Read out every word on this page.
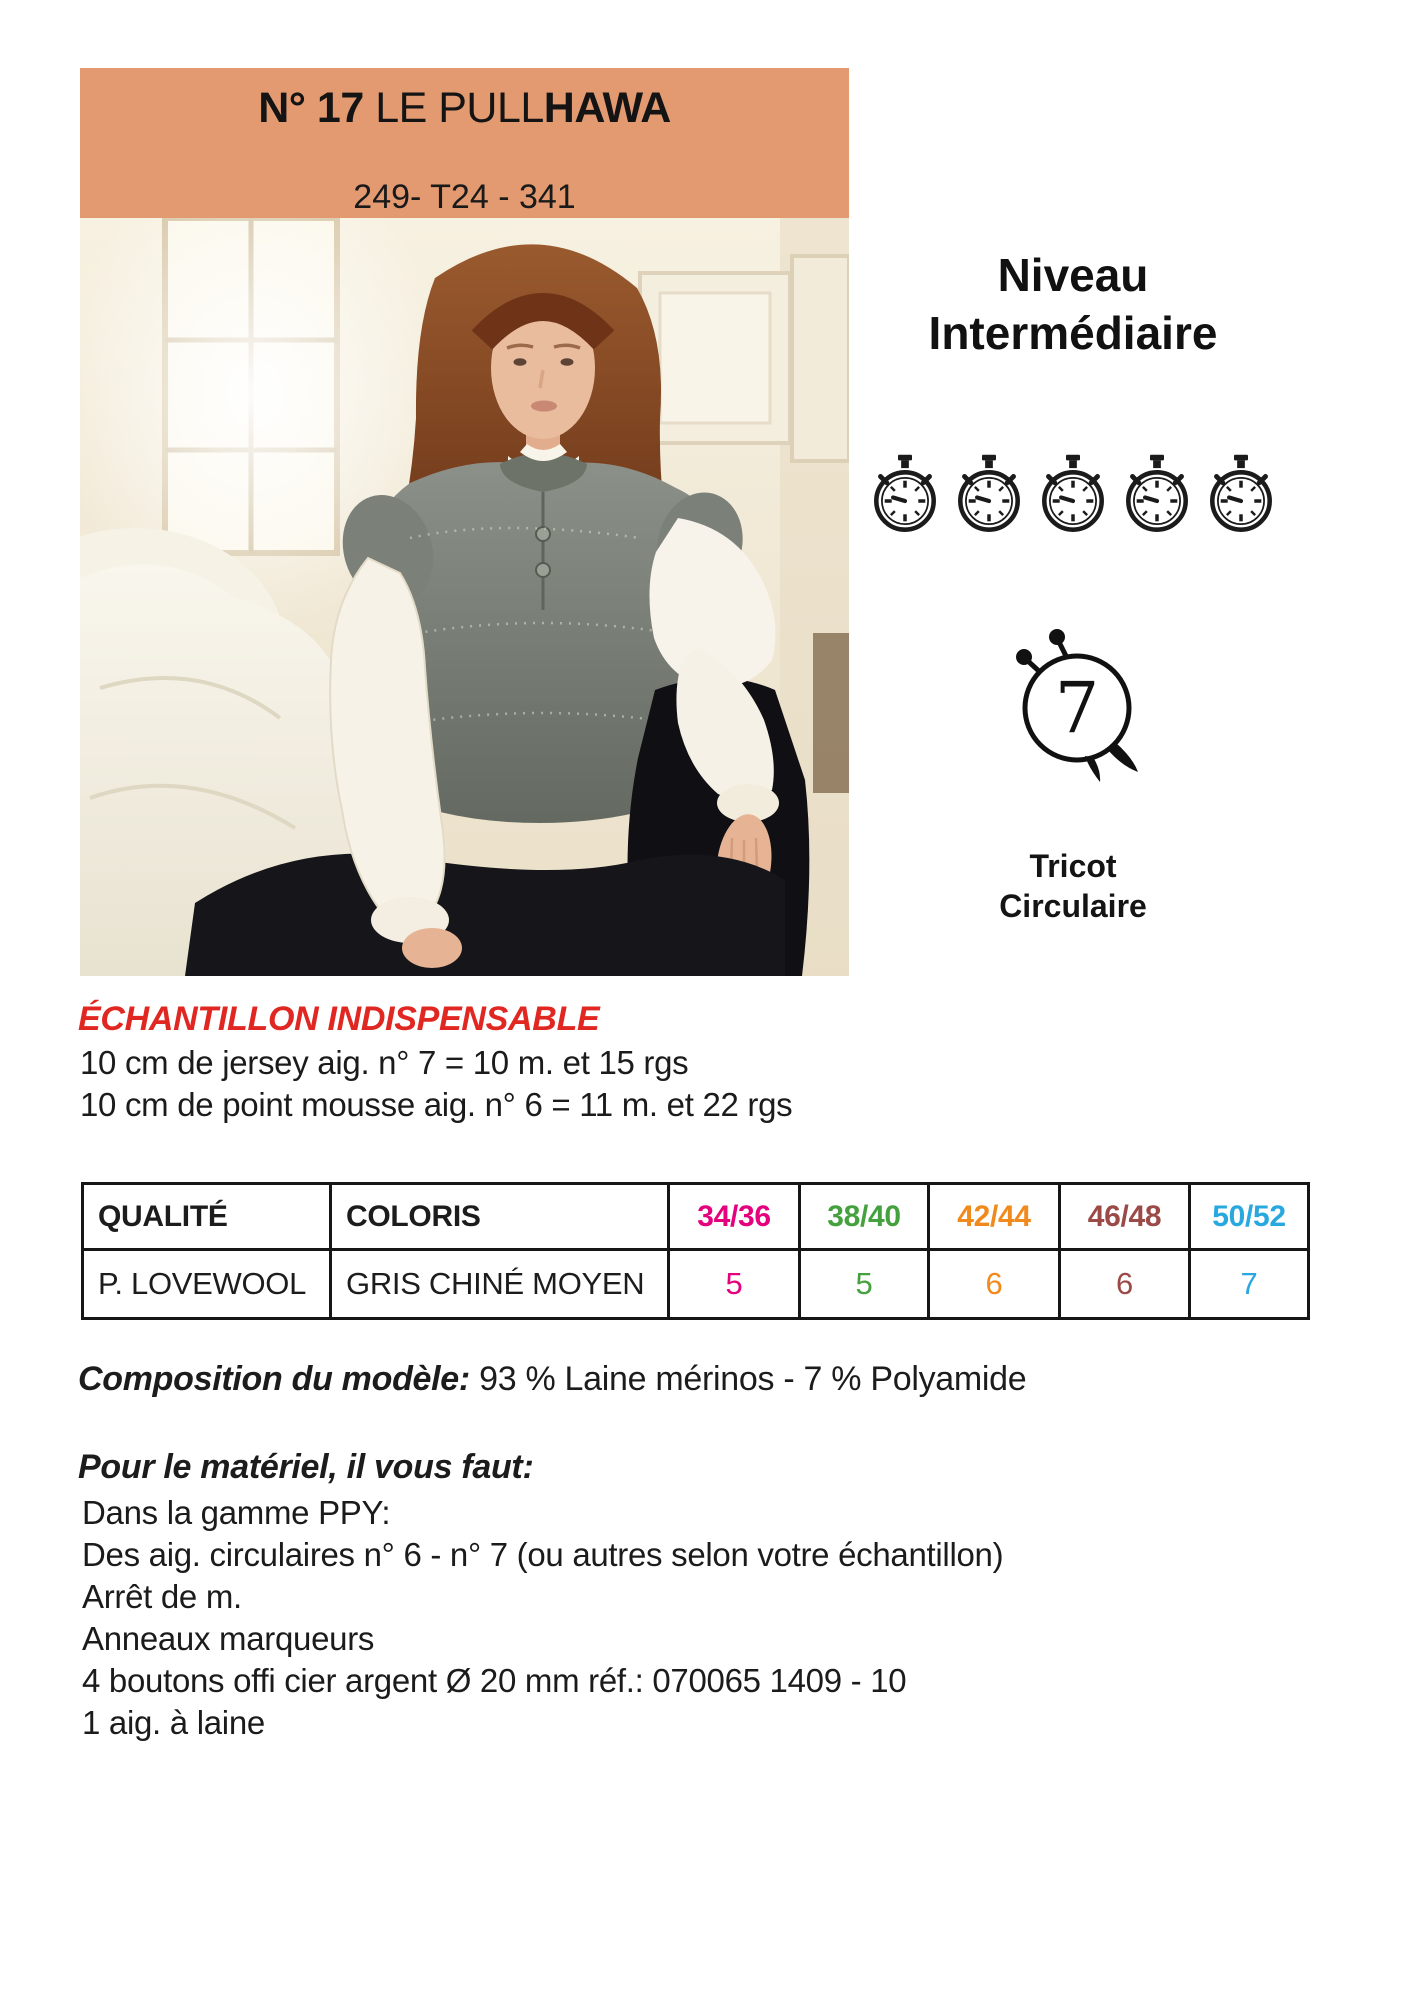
N° 17 LE PULLHAWA
249- T24 - 341
Niveau
Intermédiaire
7
Tricot
Circulaire
ÉCHANTILLON INDISPENSABLE
10 cm de jersey aig. n° 7 = 10 m. et 15 rgs
10 cm de point mousse aig. n° 6 = 11 m. et 22 rgs
QUALITÉ	COLORIS	34/36	38/40	42/44	46/48	50/52
P. LOVEWOOL	GRIS CHINÉ MOYEN	5	5	6	6	7
Composition du modèle: 93 % Laine mérinos - 7 % Polyamide
Pour le matériel, il vous faut:
Dans la gamme PPY:
Des aig. circulaires n° 6 - n° 7 (ou autres selon votre échantillon)
Arrêt de m.
Anneaux marqueurs
4 boutons offi cier argent Ø 20 mm réf.: 070065 1409 - 10
1 aig. à laine
